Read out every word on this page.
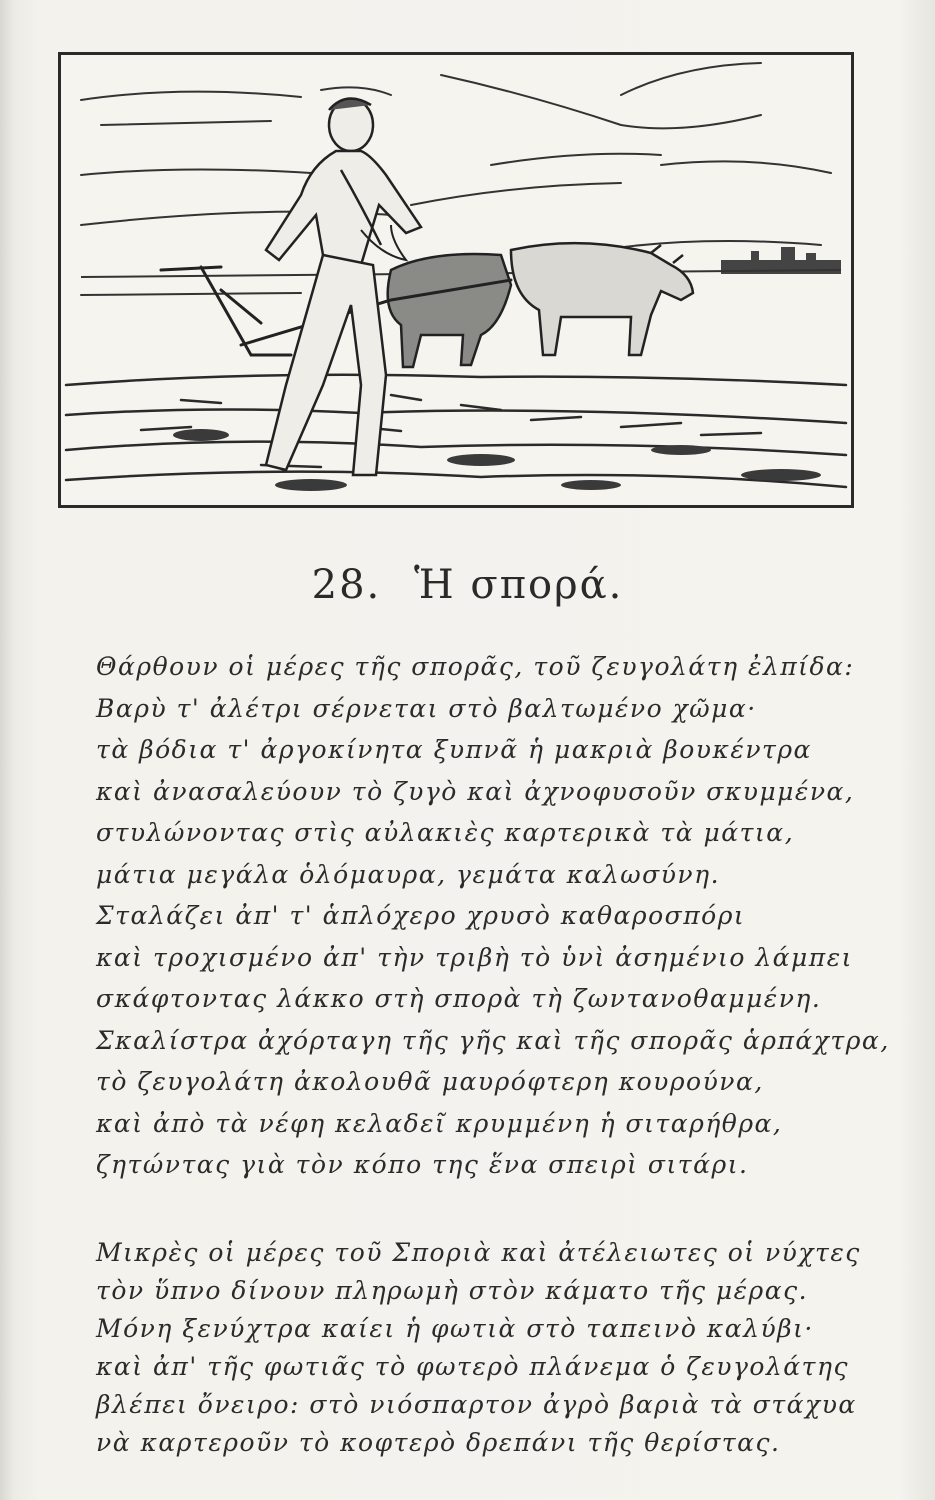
28. Ἡ σπορά.
Θάρθουν οἱ μέρες τῆς σπορᾶς, τοῦ ζευγολάτη ἐλπίδα:
Βαρὺ τ' ἀλέτρι σέρνεται στὸ βαλτωμένο χῶμα·
τὰ βόδια τ' ἀργοκίνητα ξυπνᾶ ἡ μακριὰ βουκέντρα
καὶ ἀνασαλεύουν τὸ ζυγὸ καὶ ἀχνοφυσοῦν σκυμμένα,
στυλώνοντας στὶς αὐλακιὲς καρτερικὰ τὰ μάτια,
μάτια μεγάλα ὁλόμαυρα, γεμάτα καλωσύνη.
Σταλάζει ἀπ' τ' ἁπλόχερο χρυσὸ καθαροσπόρι
καὶ τροχισμένο ἀπ' τὴν τριβὴ τὸ ὑνὶ ἀσημένιο λάμπει
σκάφτοντας λάκκο στὴ σπορὰ τὴ ζωντανοθαμμένη.
Σκαλίστρα ἀχόρταγη τῆς γῆς καὶ τῆς σπορᾶς ἁρπάχτρα,
τὸ ζευγολάτη ἀκολουθᾶ μαυρόφτερη κουρούνα,
καὶ ἀπὸ τὰ νέφη κελαδεῖ κρυμμένη ἡ σιταρήθρα,
ζητώντας γιὰ τὸν κόπο της ἕνα σπειρὶ σιτάρι.
Μικρὲς οἱ μέρες τοῦ Σποριὰ καὶ ἀτέλειωτες οἱ νύχτες
τὸν ὕπνο δίνουν πληρωμὴ στὸν κάματο τῆς μέρας.
Μόνη ξενύχτρα καίει ἡ φωτιὰ στὸ ταπεινὸ καλύβι·
καὶ ἀπ' τῆς φωτιᾶς τὸ φωτερὸ πλάνεμα ὁ ζευγολάτης
βλέπει ὄνειρο: στὸ νιόσπαρτον ἀγρὸ βαριὰ τὰ στάχυα
νὰ καρτεροῦν τὸ κοφτερὸ δρεπάνι τῆς θερίστας.
